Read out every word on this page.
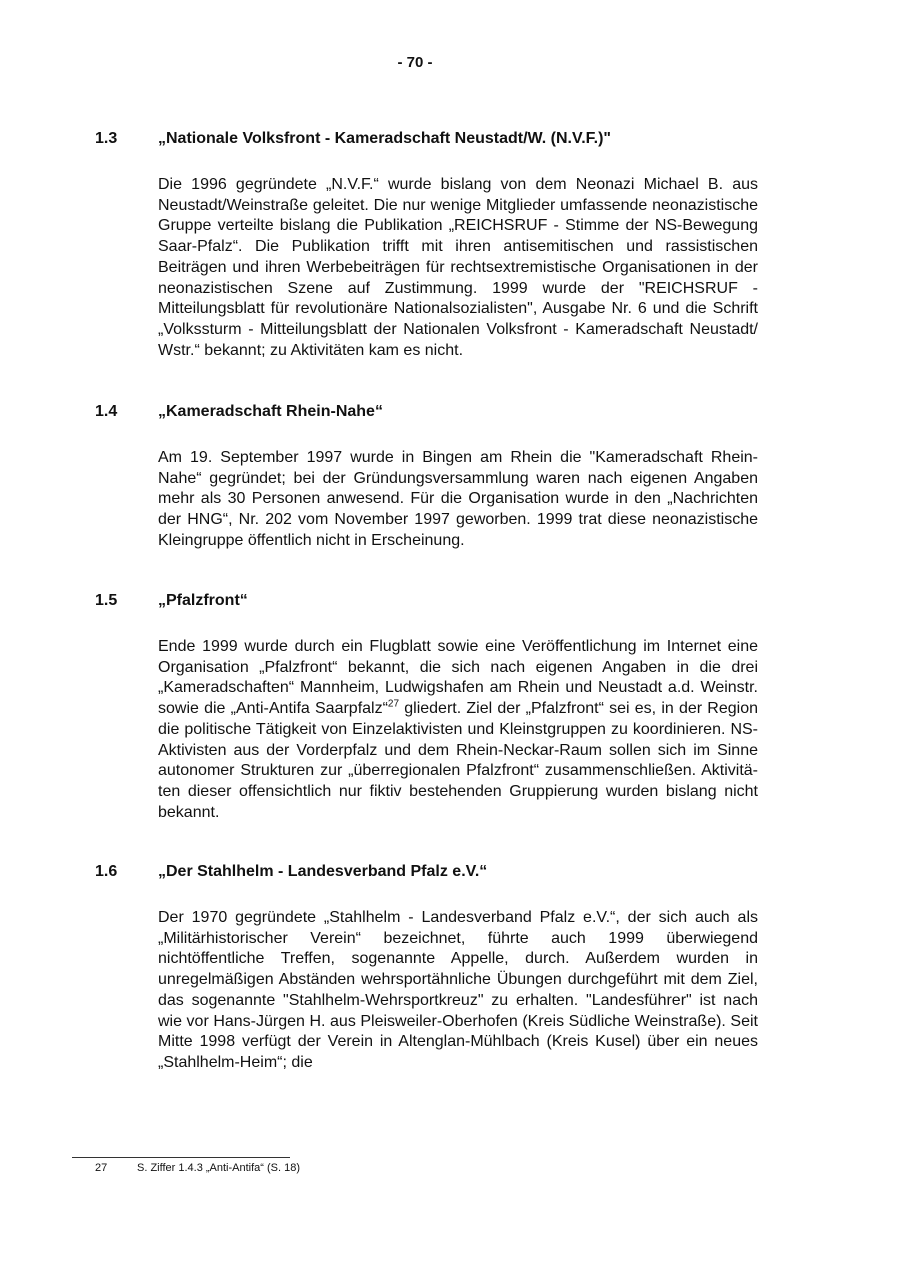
- 70 -
1.3	„Nationale Volksfront - Kameradschaft Neustadt/W. (N.V.F.)"
Die 1996 gegründete „N.V.F.“ wurde bislang von dem Neonazi Michael B. aus Neustadt/Weinstraße geleitet. Die nur wenige Mitglieder umfassende neonazistische Gruppe verteilte bislang die Publikation „REICHSRUF - Stimme der NS-Bewegung Saar-Pfalz“. Die Publikation trifft mit ihren antisemitischen und rassistischen Beiträgen und ihren Werbebeiträgen für rechtsextremistische Organisationen in der neonazistischen Szene auf Zustimmung. 1999 wurde der "REICHSRUF - Mitteilungsblatt für revolutionäre Nationalsozialisten", Ausgabe Nr. 6 und die Schrift „Volkssturm - Mitteilungsblatt der Nationalen Volksfront - Kameradschaft Neustadt/ Wstr.“ bekannt; zu Aktivitäten kam es nicht.
1.4	„Kameradschaft Rhein-Nahe“
Am 19. September 1997 wurde in Bingen am Rhein die "Kameradschaft Rhein-Nahe“ gegründet; bei der Gründungsversammlung waren nach eigenen Angaben mehr als 30 Personen anwesend. Für die Organisation wurde in den „Nachrichten der HNG“, Nr. 202 vom November 1997 geworben. 1999 trat diese neonazistische Kleingruppe öffentlich nicht in Erscheinung.
1.5	„Pfalzfront“
Ende 1999 wurde durch ein Flugblatt sowie eine Veröffentlichung im Internet eine Organisation „Pfalzfront“ bekannt, die sich nach eigenen Angaben in die drei „Kameradschaften“ Mannheim, Ludwigshafen am Rhein und Neustadt a.d. Weinstr. sowie die „Anti-Antifa Saarpfalz“$^{27}$ gliedert. Ziel der „Pfalzfront“ sei es, in der Region die politische Tätigkeit von Einzelaktivisten und Kleinstgruppen zu koordinieren. NS-Aktivisten aus der Vorderpfalz und dem Rhein-Neckar-Raum sollen sich im Sinne autonomer Strukturen zur „überregionalen Pfalzfront“ zusammenschließen. Aktivitäten dieser offensichtlich nur fiktiv bestehenden Gruppierung wurden bislang nicht bekannt.
1.6	„Der Stahlhelm - Landesverband Pfalz e.V.“
Der 1970 gegründete „Stahlhelm - Landesverband Pfalz e.V.“, der sich auch als „Militärhistorischer Verein“ bezeichnet, führte auch 1999 überwiegend nichtöffentliche Treffen, sogenannte Appelle, durch. Außerdem wurden in unregelmäßigen Abständen wehrsportähnliche Übungen durchgeführt mit dem Ziel, das sogenannte "Stahlhelm-Wehrsportkreuz" zu erhalten. "Landesführer" ist nach wie vor Hans-Jürgen H. aus Pleisweiler-Oberhofen (Kreis Südliche Weinstraße). Seit Mitte 1998 verfügt der Verein in Altenglan-Mühlbach (Kreis Kusel) über ein neues „Stahlhelm-Heim“; die
27	S. Ziffer 1.4.3 „Anti-Antifa“ (S. 18)
